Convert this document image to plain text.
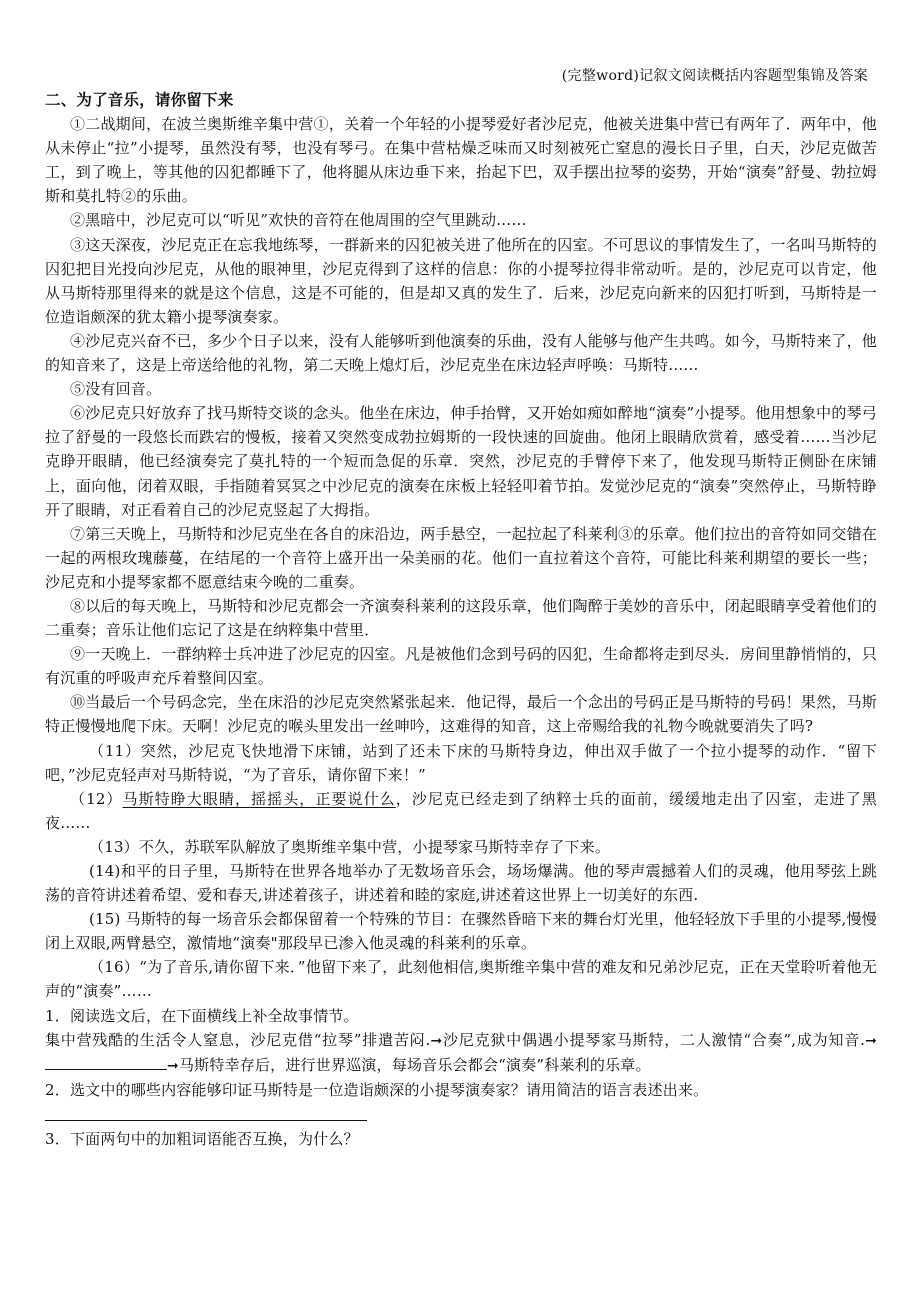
(完整word)记叙文阅读概括内容题型集锦及答案

二、为了音乐，请你留下来

①二战期间，在波兰奥斯维辛集中营①，关着一个年轻的小提琴爱好者沙尼克，他被关进集中营已有两年了．两年中，他从未停止“拉”小提琴，虽然没有琴，也没有琴弓。在集中营枯燥乏味而又时刻被死亡窒息的漫长日子里，白天，沙尼克做苦工，到了晚上，等其他的囚犯都睡下了，他将腿从床边垂下来，抬起下巴，双手摆出拉琴的姿势，开始“演奏”舒曼、勃拉姆斯和莫扎特②的乐曲。

②黑暗中，沙尼克可以“听见”欢快的音符在他周围的空气里跳动……

③这天深夜，沙尼克正在忘我地练琴，一群新来的囚犯被关进了他所在的囚室。不可思议的事情发生了，一名叫马斯特的囚犯把目光投向沙尼克，从他的眼神里，沙尼克得到了这样的信息：你的小提琴拉得非常动听。是的，沙尼克可以肯定，他从马斯特那里得来的就是这个信息，这是不可能的，但是却又真的发生了．后来，沙尼克向新来的囚犯打听到，马斯特是一位造诣颇深的犹太籍小提琴演奏家。

④沙尼克兴奋不已，多少个日子以来，没有人能够听到他演奏的乐曲，没有人能够与他产生共鸣。如今，马斯特来了，他的知音来了，这是上帝送给他的礼物，第二天晚上熄灯后，沙尼克坐在床边轻声呼唤：马斯特……

⑤没有回音。

⑥沙尼克只好放弃了找马斯特交谈的念头。他坐在床边，伸手抬臂，又开始如痴如醉地“演奏”小提琴。他用想象中的琴弓拉了舒曼的一段悠长而跌宕的慢板，接着又突然变成勃拉姆斯的一段快速的回旋曲。他闭上眼睛欣赏着，感受着……当沙尼克睁开眼睛，他已经演奏完了莫扎特的一个短而急促的乐章．突然，沙尼克的手臂停下来了，他发现马斯特正侧卧在床铺上，面向他，闭着双眼，手指随着冥冥之中沙尼克的演奏在床板上轻轻叩着节拍。发觉沙尼克的“演奏”突然停止，马斯特睁开了眼睛，对正看着自己的沙尼克竖起了大拇指。

⑦第三天晚上，马斯特和沙尼克坐在各自的床沿边，两手悬空，一起拉起了科莱利③的乐章。他们拉出的音符如同交错在一起的两根玫瑰藤蔓，在结尾的一个音符上盛开出一朵美丽的花。他们一直拉着这个音符，可能比科莱利期望的要长一些；沙尼克和小提琴家都不愿意结束今晚的二重奏。

⑧以后的每天晚上，马斯特和沙尼克都会一齐演奏科莱利的这段乐章，他们陶醉于美妙的音乐中，闭起眼睛享受着他们的二重奏；音乐让他们忘记了这是在纳粹集中营里．

⑨一天晚上．一群纳粹士兵冲进了沙尼克的囚室。凡是被他们念到号码的囚犯，生命都将走到尽头．房间里静悄悄的，只有沉重的呼吸声充斥着整间囚室。

⑩当最后一个号码念完，坐在床沿的沙尼克突然紧张起来．他记得，最后一个念出的号码正是马斯特的号码！果然，马斯特正慢慢地爬下床。天啊！沙尼克的喉头里发出一丝呻吟，这难得的知音，这上帝赐给我的礼物今晚就要消失了吗?

（11）突然，沙尼克飞快地滑下床铺，站到了还未下床的马斯特身边，伸出双手做了一个拉小提琴的动作．“留下吧，”沙尼克轻声对马斯特说，“为了音乐，请你留下来！”

（12）马斯特睁大眼睛，摇摇头，正要说什么，沙尼克已经走到了纳粹士兵的面前，缓缓地走出了囚室，走进了黑夜……

（13）不久，苏联军队解放了奥斯维辛集中营，小提琴家马斯特幸存了下来。

(14)和平的日子里，马斯特在世界各地举办了无数场音乐会，场场爆满。他的琴声震撼着人们的灵魂，他用琴弦上跳荡的音符讲述着希望、爱和春天,讲述着孩子，讲述着和睦的家庭,讲述着这世界上一切美好的东西.

(15) 马斯特的每一场音乐会都保留着一个特殊的节目：在骤然昏暗下来的舞台灯光里，他轻轻放下手里的小提琴,慢慢闭上双眼,两臂悬空，激情地“演奏"那段早已渗入他灵魂的科莱利的乐章。

（16）“为了音乐,请你留下来．”他留下来了，此刻他相信,奥斯维辛集中营的难友和兄弟沙尼克，正在天堂聆听着他无声的“演奏”……

1．阅读选文后，在下面横线上补全故事情节。

集中营残酷的生活令人窒息，沙尼克借“拉琴”排遣苦闷.➞沙尼克狱中偶遇小提琴家马斯特，二人激情“合奏”,成为知音.➞➞马斯特幸存后，进行世界巡演，每场音乐会都会“演奏”科莱利的乐章。

2．选文中的哪些内容能够印证马斯特是一位造诣颇深的小提琴演奏家？请用简洁的语言表述出来。

3．下面两句中的加粗词语能否互换，为什么？
